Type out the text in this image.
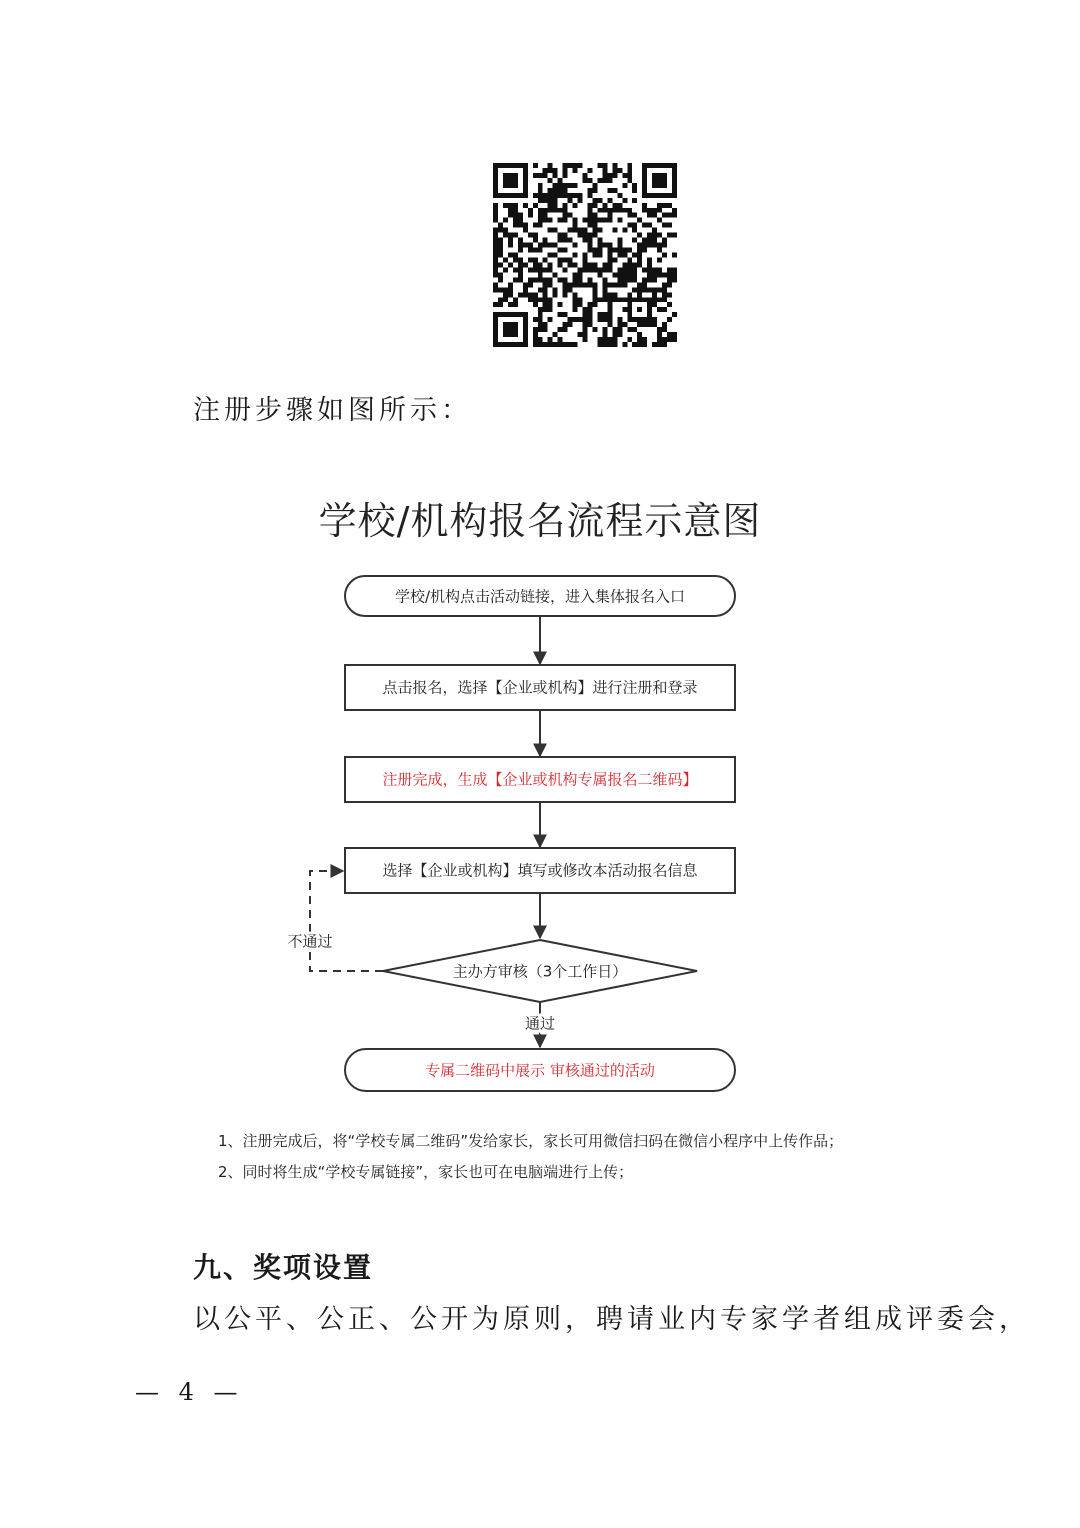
注册步骤如图所示：
学校/机构报名流程示意图
学校/机构点击活动链接，进入集体报名入口
点击报名，选择【企业或机构】进行注册和登录
注册完成，生成【企业或机构专属报名二维码】
选择【企业或机构】填写或修改本活动报名信息
主办方审核（3个工作日）
不通过
通过
专属二维码中展示 审核通过的活动
1、注册完成后，将“学校专属二维码”发给家长，家长可用微信扫码在微信小程序中上传作品；
2、同时将生成“学校专属链接”，家长也可在电脑端进行上传；
九、奖项设置
以公平、公正、公开为原则，聘请业内专家学者组成评委会，
— 4 —
